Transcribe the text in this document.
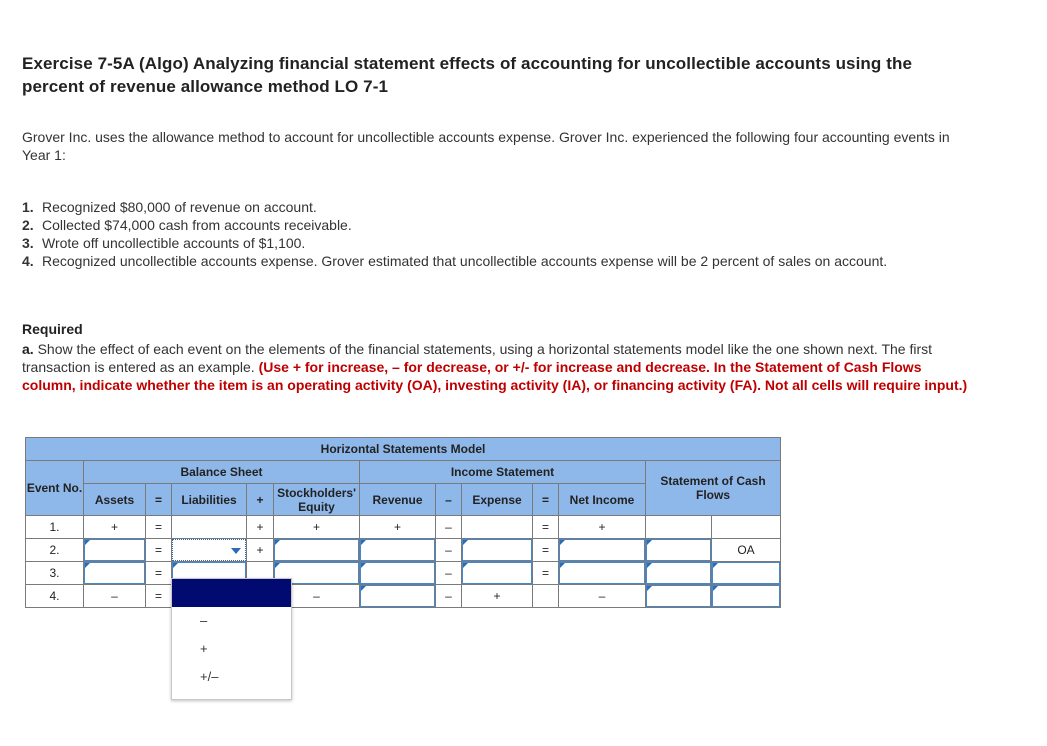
Exercise 7-5A (Algo) Analyzing financial statement effects of accounting for uncollectible accounts using the percent of revenue allowance method LO 7-1
Grover Inc. uses the allowance method to account for uncollectible accounts expense. Grover Inc. experienced the following four accounting events in Year 1:
1. Recognized $80,000 of revenue on account.
2. Collected $74,000 cash from accounts receivable.
3. Wrote off uncollectible accounts of $1,100.
4. Recognized uncollectible accounts expense. Grover estimated that uncollectible accounts expense will be 2 percent of sales on account.
Required
a. Show the effect of each event on the elements of the financial statements, using a horizontal statements model like the one shown next. The first transaction is entered as an example. (Use + for increase, – for decrease, or +/- for increase and decrease. In the Statement of Cash Flows column, indicate whether the item is an operating activity (OA), investing activity (IA), or financing activity (FA). Not all cells will require input.)
Horizontal Statements Model												
Event No.	Balance Sheet					Income Statement					Statement of Cash Flows	
	Assets	=	Liabilities	+	Stockholders' Equity	Revenue	–	Expense	=	Net Income		
1.	+	=		+	+	+	–		=	+		
2.		=		+			–		=			OA
3.		=					–		=	

4.	–	=			–		–	+		–	

–
+
+/–
